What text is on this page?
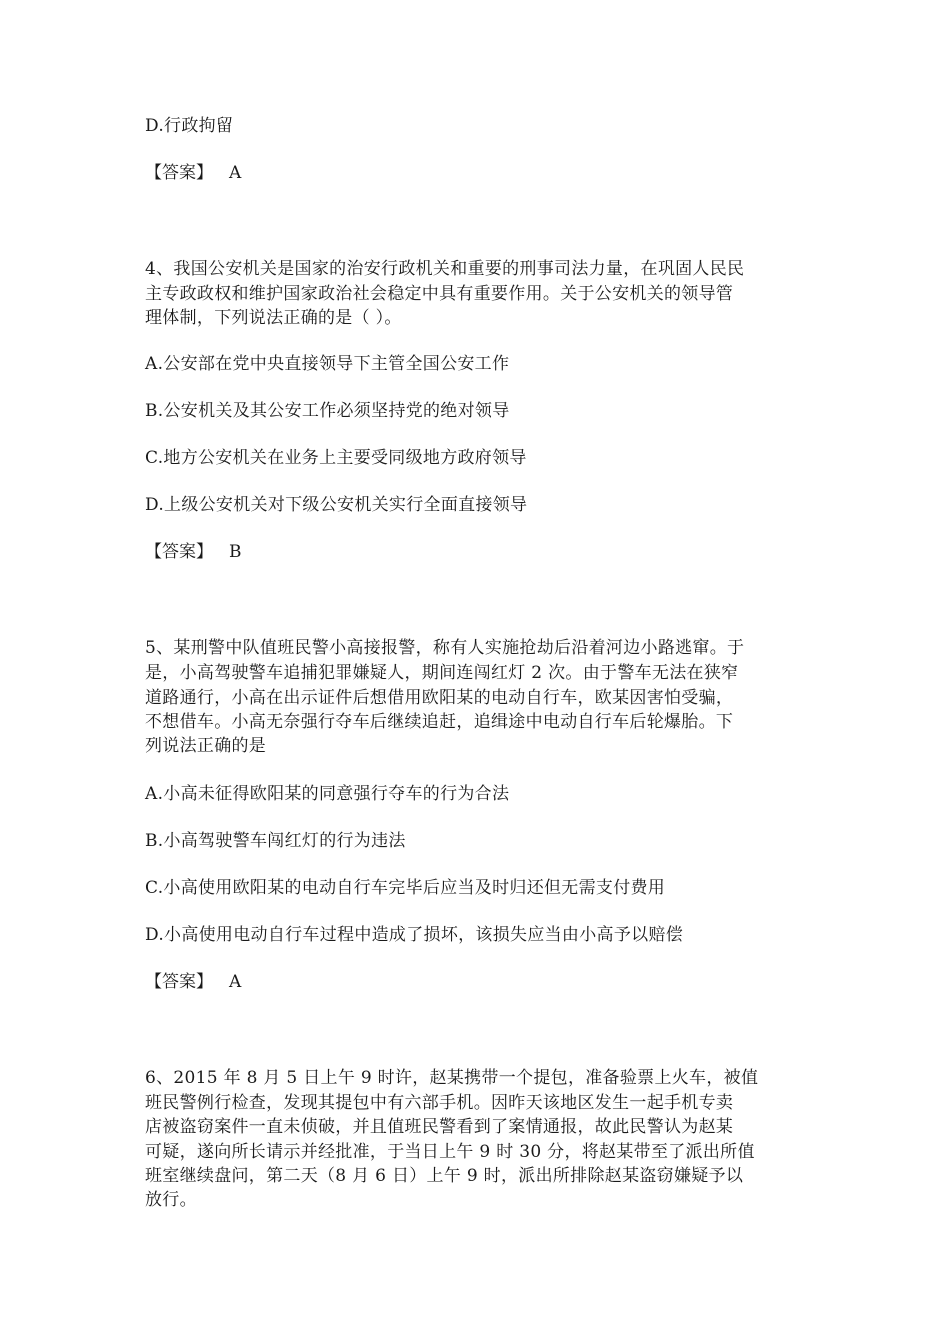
D.行政拘留
【答案】 A
4、我国公安机关是国家的治安行政机关和重要的刑事司法力量，在巩固人民民
主专政政权和维护国家政治社会稳定中具有重要作用。关于公安机关的领导管
理体制，下列说法正确的是（ ）。
A.公安部在党中央直接领导下主管全国公安工作
B.公安机关及其公安工作必须坚持党的绝对领导
C.地方公安机关在业务上主要受同级地方政府领导
D.上级公安机关对下级公安机关实行全面直接领导
【答案】 B
5、某刑警中队值班民警小高接报警，称有人实施抢劫后沿着河边小路逃窜。于
是，小高驾驶警车追捕犯罪嫌疑人，期间连闯红灯 2 次。由于警车无法在狭窄
道路通行，小高在出示证件后想借用欧阳某的电动自行车，欧某因害怕受骗，
不想借车。小高无奈强行夺车后继续追赶，追缉途中电动自行车后轮爆胎。下
列说法正确的是
A.小高未征得欧阳某的同意强行夺车的行为合法
B.小高驾驶警车闯红灯的行为违法
C.小高使用欧阳某的电动自行车完毕后应当及时归还但无需支付费用
D.小高使用电动自行车过程中造成了损坏，该损失应当由小高予以赔偿
【答案】 A
6、2015 年 8 月 5 日上午 9 时许，赵某携带一个提包，准备验票上火车，被值
班民警例行检查，发现其提包中有六部手机。因昨天该地区发生一起手机专卖
店被盗窃案件一直未侦破，并且值班民警看到了案情通报，故此民警认为赵某
可疑，遂向所长请示并经批准，于当日上午 9 时 30 分，将赵某带至了派出所值
班室继续盘问，第二天（8 月 6 日）上午 9 时，派出所排除赵某盗窃嫌疑予以
放行。
